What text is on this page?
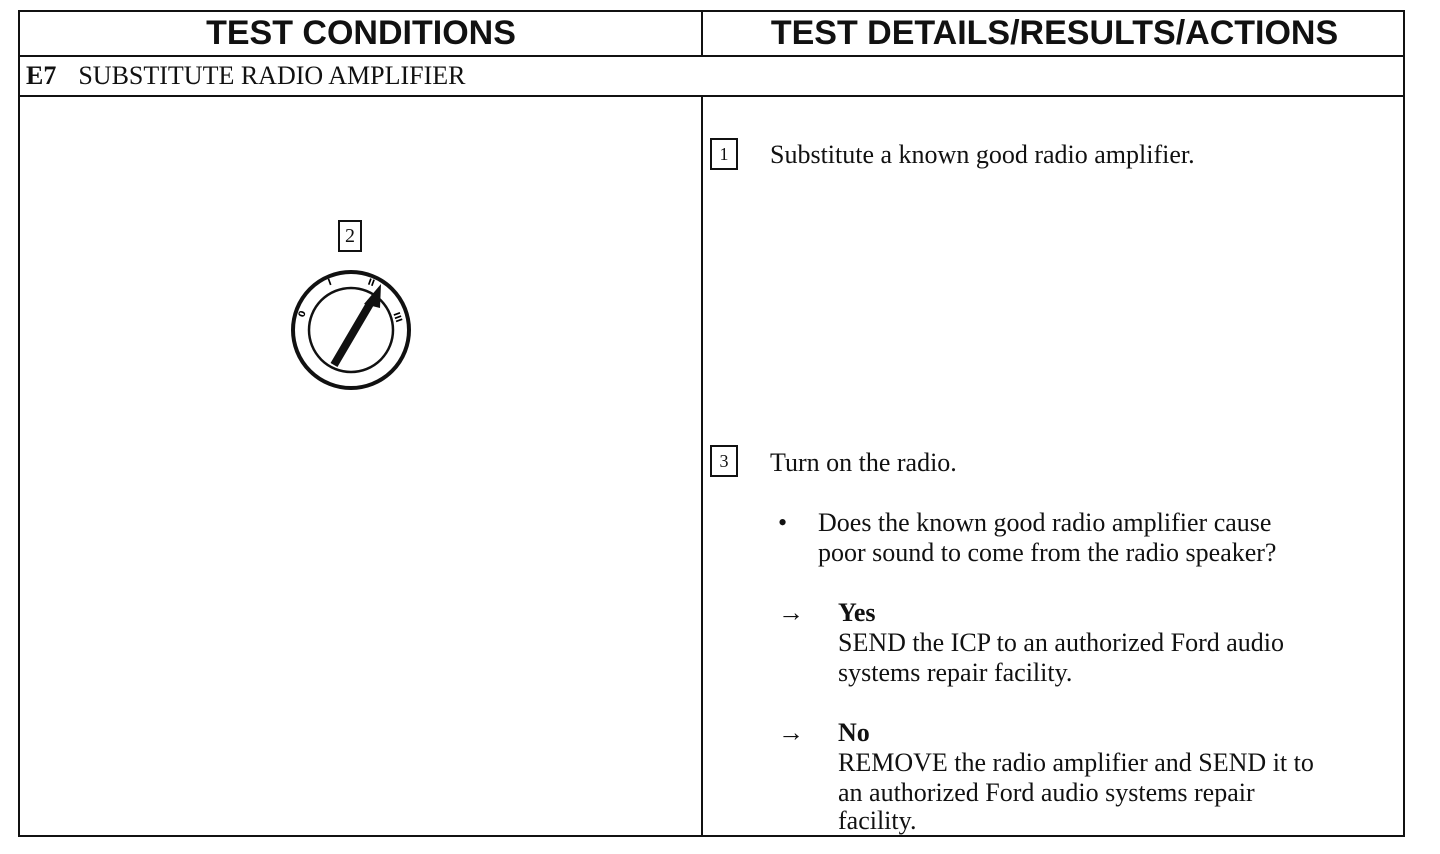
TEST CONDITIONS	TEST DETAILS/RESULTS/ACTIONS
E7 SUBSTITUTE RADIO AMPLIFIER
2
0
I	II
III
1	Substitute a known good radio amplifier.
3	Turn on the radio.
• Does the known good radio amplifier cause
poor sound to come from the radio speaker?
→ Yes
SEND the ICP to an authorized Ford audio
systems repair facility.
→ No
REMOVE the radio amplifier and SEND it to
an authorized Ford audio systems repair
facility.
